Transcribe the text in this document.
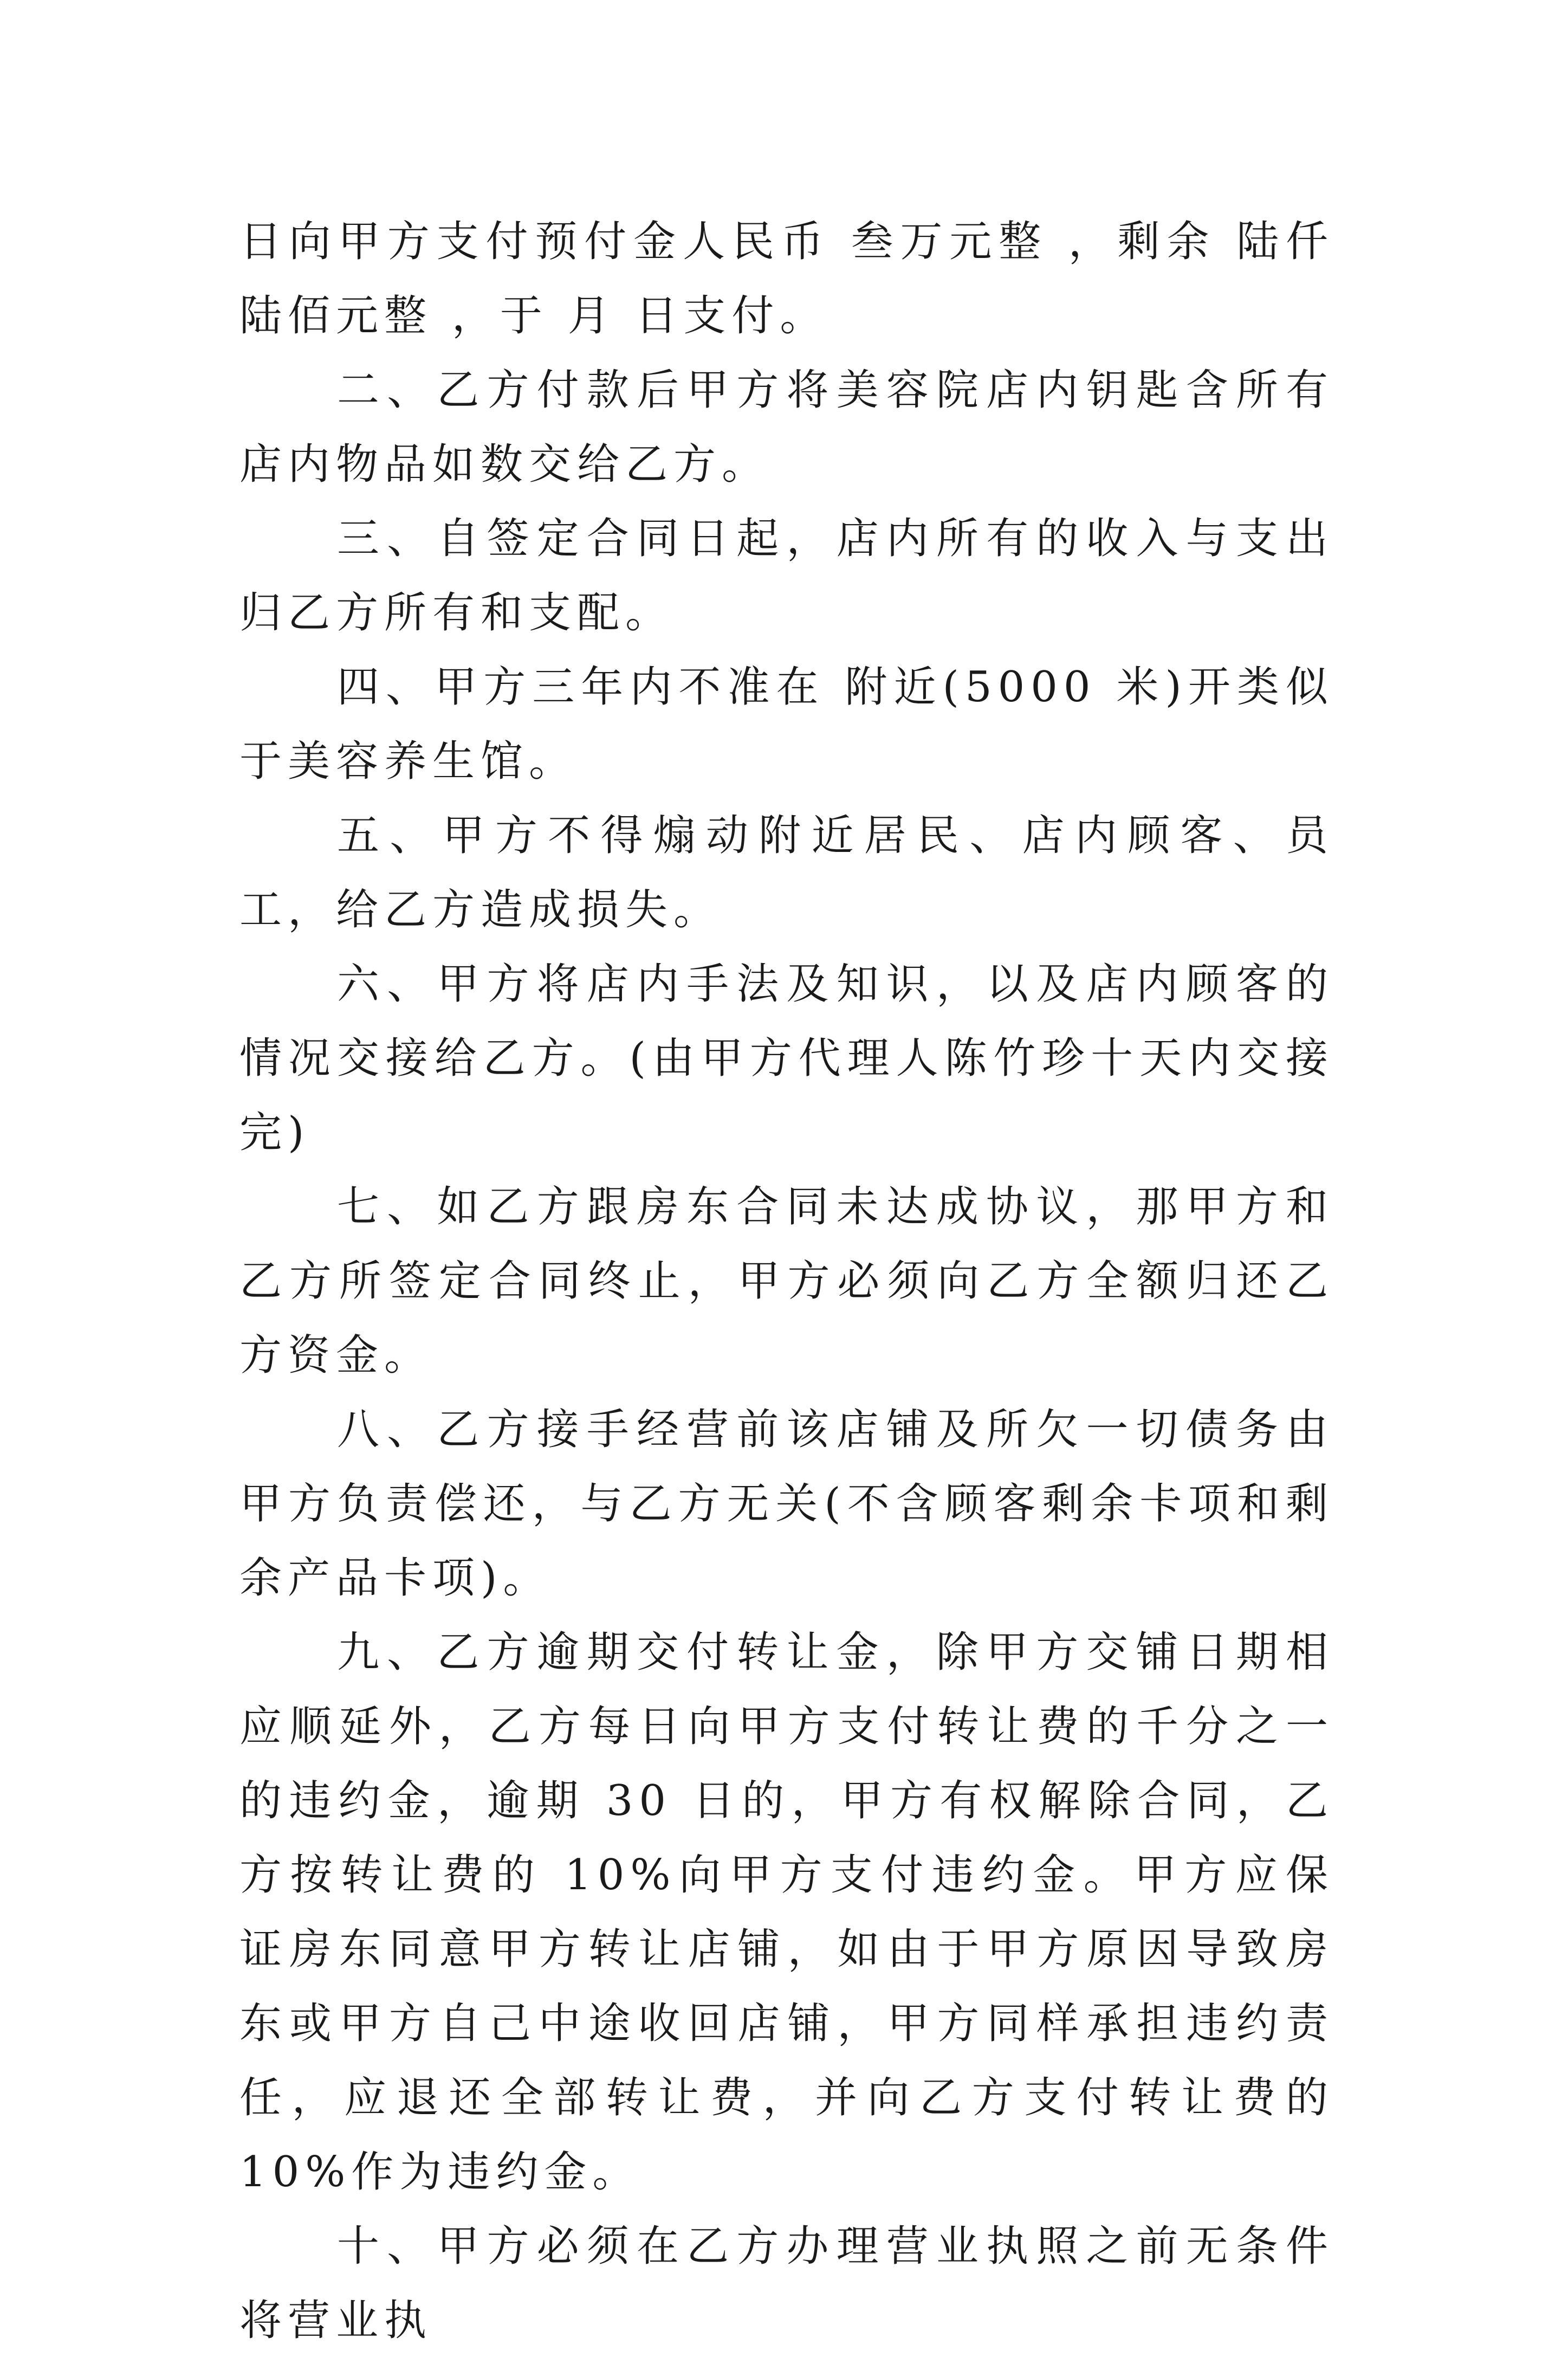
日向甲方支付预付金人民币 叁万元整 ，剩余 陆仟陆佰元整 ，于 月 日支付。

二、乙方付款后甲方将美容院店内钥匙含所有店内物品如数交给乙方。

三、自签定合同日起，店内所有的收入与支出归乙方所有和支配。

四、甲方三年内不准在 附近(5000 米)开类似于美容养生馆。

五、甲方不得煽动附近居民、店内顾客、员工，给乙方造成损失。

六、甲方将店内手法及知识，以及店内顾客的情况交接给乙方。(由甲方代理人陈竹珍十天内交接完)

七、如乙方跟房东合同未达成协议，那甲方和乙方所签定合同终止，甲方必须向乙方全额归还乙方资金。

八、乙方接手经营前该店铺及所欠一切债务由甲方负责偿还，与乙方无关(不含顾客剩余卡项和剩余产品卡项)。

九、乙方逾期交付转让金，除甲方交铺日期相应顺延外，乙方每日向甲方支付转让费的千分之一的违约金，逾期 30 日的，甲方有权解除合同，乙方按转让费的 10%向甲方支付违约金。甲方应保证房东同意甲方转让店铺，如由于甲方原因导致房东或甲方自己中途收回店铺，甲方同样承担违约责任，应退还全部转让费，并向乙方支付转让费的 10%作为违约金。

十、甲方必须在乙方办理营业执照之前无条件将营业执
